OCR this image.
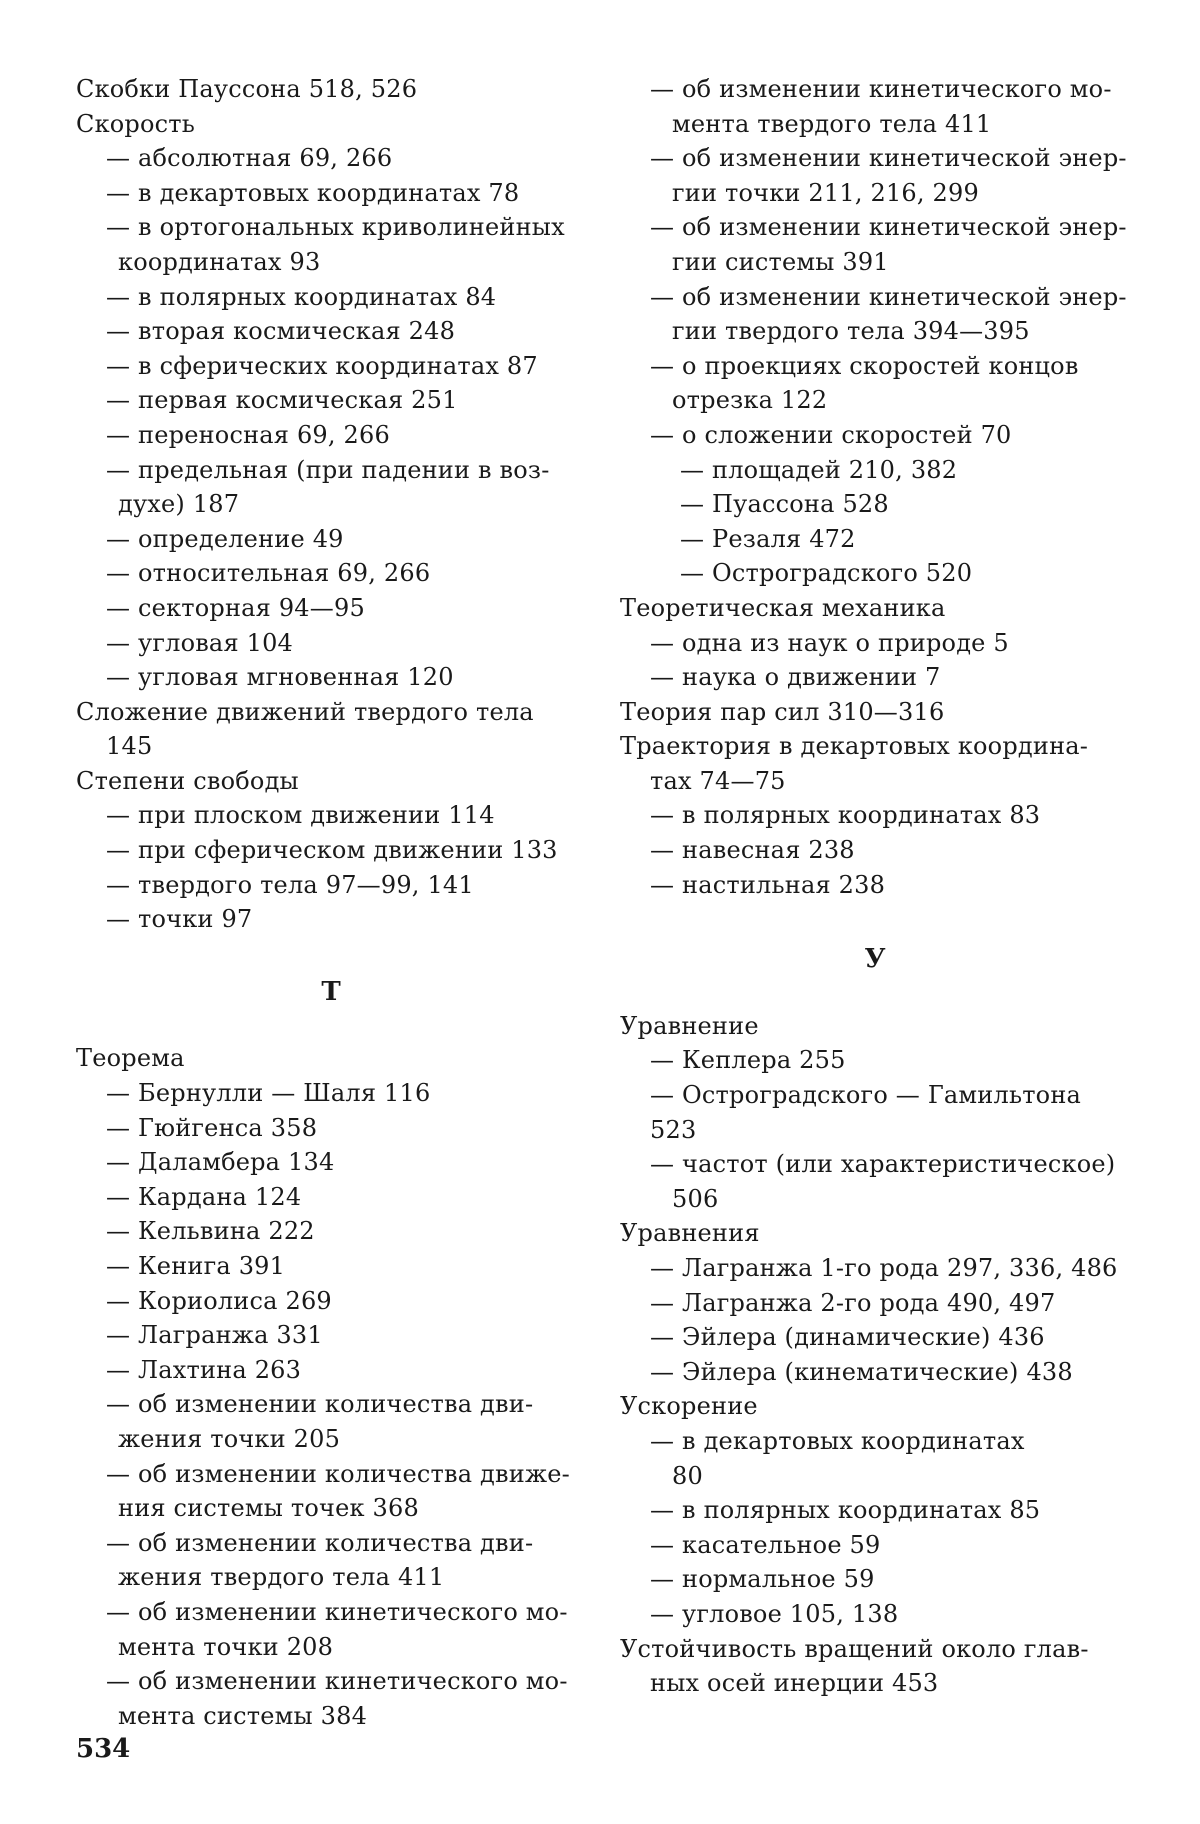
Скобки Пауссона 518, 526
Скорость
— абсолютная 69, 266
— в декартовых координатах 78
— в ортогональных криволинейных
координатах 93
— в полярных координатах 84
— вторая космическая 248
— в сферических координатах 87
— первая космическая 251
— переносная 69, 266
— предельная (при падении в воз-
духе) 187
— определение 49
— относительная 69, 266
— секторная 94—95
— угловая 104
— угловая мгновенная 120
Сложение движений твердого тела
145
Степени свободы
— при плоском движении 114
— при сферическом движении 133
— твердого тела 97—99, 141
— точки 97
Т
Теорема
— Бернулли — Шаля 116
— Гюйгенса 358
— Даламбера 134
— Кардана 124
— Кельвина 222
— Кенига 391
— Кориолиса 269
— Лагранжа 331
— Лахтина 263
— об изменении количества дви-
жения точки 205
— об изменении количества движе-
ния системы точек 368
— об изменении количества дви-
жения твердого тела 411
— об изменении кинетического мо-
мента точки 208
— об изменении кинетического мо-
мента системы 384
— об изменении кинетического мо-
мента твердого тела 411
— об изменении кинетической энер-
гии точки 211, 216, 299
— об изменении кинетической энер-
гии системы 391
— об изменении кинетической энер-
гии твердого тела 394—395
— о проекциях скоростей концов
отрезка 122
— о сложении скоростей 70
— площадей 210, 382
— Пуассона 528
— Резаля 472
— Остроградского 520
Теоретическая механика
— одна из наук о природе 5
— наука о движении 7
Теория пар сил 310—316
Траектория в декартовых координа-
тах 74—75
— в полярных координатах 83
— навесная 238
— настильная 238
У
Уравнение
— Кеплера 255
— Остроградского — Гамильтона
523
— частот (или характеристическое)
506
Уравнения
— Лагранжа 1-го рода 297, 336, 486
— Лагранжа 2-го рода 490, 497
— Эйлера (динамические) 436
— Эйлера (кинематические) 438
Ускорение
— в декартовых координатах
80
— в полярных координатах 85
— касательное 59
— нормальное 59
— угловое 105, 138
Устойчивость вращений около глав-
ных осей инерции 453
534
